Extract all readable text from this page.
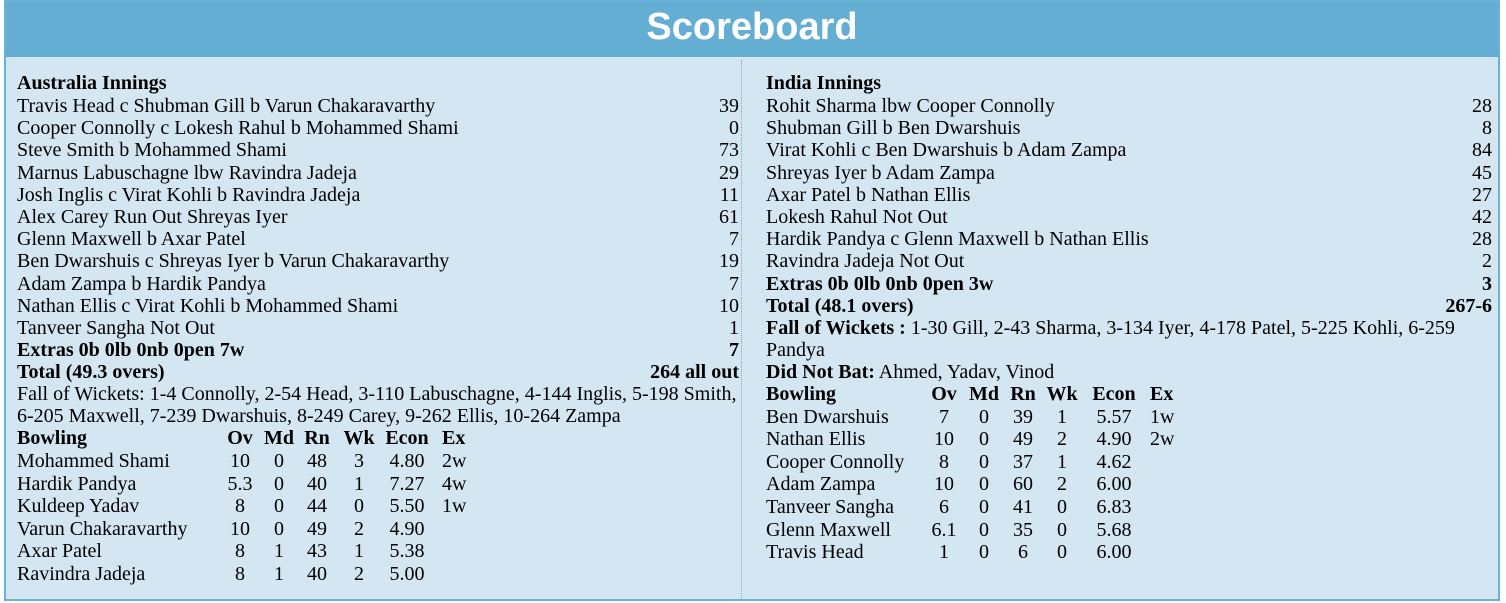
Scoreboard
Australia Innings
Travis Head c Shubman Gill b Varun Chakaravarthy	39
Cooper Connolly c Lokesh Rahul b Mohammed Shami	0
Steve Smith b Mohammed Shami	73
Marnus Labuschagne lbw Ravindra Jadeja	29
Josh Inglis c Virat Kohli b Ravindra Jadeja	11
Alex Carey Run Out Shreyas Iyer	61
Glenn Maxwell b Axar Patel	7
Ben Dwarshuis c Shreyas Iyer b Varun Chakaravarthy	19
Adam Zampa b Hardik Pandya	7
Nathan Ellis c Virat Kohli b Mohammed Shami	10
Tanveer Sangha Not Out	1
Extras 0b 0lb 0nb 0pen 7w	7
Total (49.3 overs)	264 all out
Fall of Wickets: 1-4 Connolly, 2-54 Head, 3-110 Labuschagne, 4-144 Inglis, 5-198 Smith, 6-205 Maxwell, 7-239 Dwarshuis, 8-249 Carey, 9-262 Ellis, 10-264 Zampa
Bowling	Ov Md Rn Wk Econ Ex
Mohammed Shami	10	0	48	3	4.80 2w
Hardik Pandya	5.3	0	40	1	7.27 4w
Kuldeep Yadav	8	0	44	0	5.50 1w
Varun Chakaravarthy	10	0	49	2	4.90
Axar Patel	8	1	43	1	5.38
Ravindra Jadeja	8	1	40	2	5.00
India Innings
Rohit Sharma lbw Cooper Connolly	28
Shubman Gill b Ben Dwarshuis	8
Virat Kohli c Ben Dwarshuis b Adam Zampa	84
Shreyas Iyer b Adam Zampa	45
Axar Patel b Nathan Ellis	27
Lokesh Rahul Not Out	42
Hardik Pandya c Glenn Maxwell b Nathan Ellis	28
Ravindra Jadeja Not Out	2
Extras 0b 0lb 0nb 0pen 3w	3
Total (48.1 overs)	267-6
Fall of Wickets : 1-30 Gill, 2-43 Sharma, 3-134 Iyer, 4-178 Patel, 5-225 Kohli, 6-259 Pandya
Did Not Bat: Ahmed, Yadav, Vinod
Bowling	Ov Md Rn Wk Econ Ex
Ben Dwarshuis	7	0	39	1	5.57 1w
Nathan Ellis	10	0	49	2	4.90 2w
Cooper Connolly	8	0	37	1	4.62
Adam Zampa	10	0	60	2	6.00
Tanveer Sangha	6	0	41	0	6.83
Glenn Maxwell	6.1	0	35	0	5.68
Travis Head	1	0	6	0	6.00
